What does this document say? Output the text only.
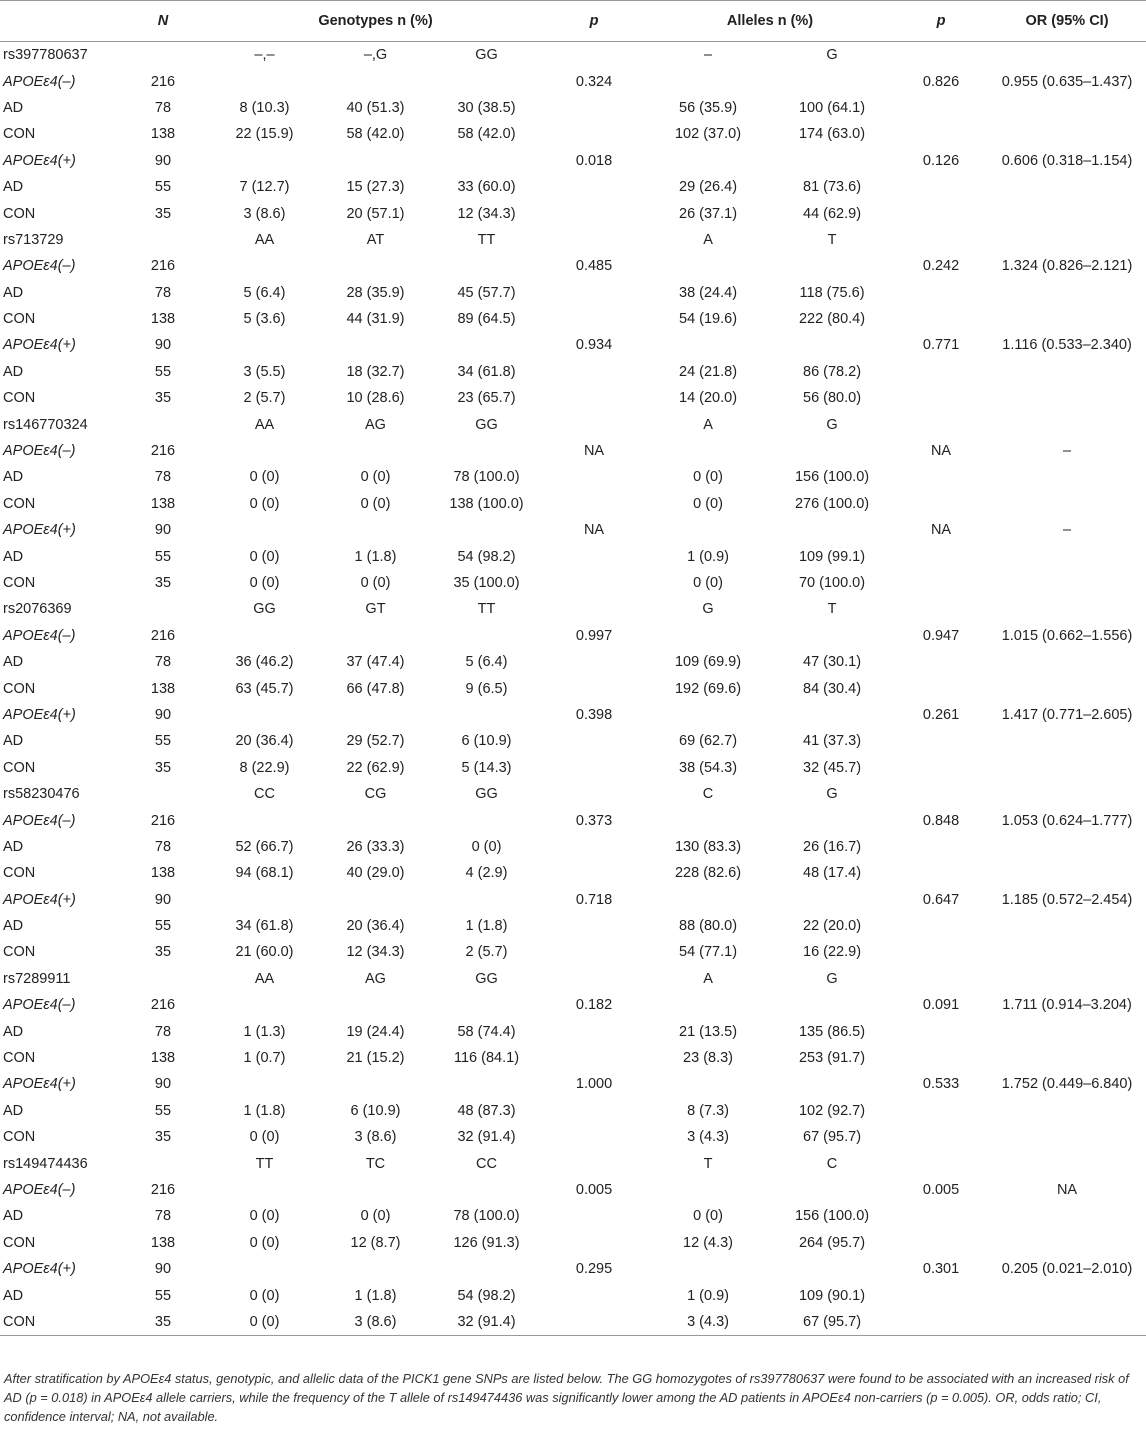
	N	Genotypes n (%)			p	Alleles n (%)		p	OR (95% CI)
rs397780637		–,–	–,G	GG		–	G		
APOEε4(–)	216				0.324			0.826	0.955 (0.635–1.437)
AD	78	8 (10.3)	40 (51.3)	30 (38.5)		56 (35.9)	100 (64.1)		
CON	138	22 (15.9)	58 (42.0)	58 (42.0)		102 (37.0)	174 (63.0)		
APOEε4(+)	90				0.018			0.126	0.606 (0.318–1.154)
AD	55	7 (12.7)	15 (27.3)	33 (60.0)		29 (26.4)	81 (73.6)		
CON	35	3 (8.6)	20 (57.1)	12 (34.3)		26 (37.1)	44 (62.9)		
rs713729		AA	AT	TT		A	T		
APOEε4(–)	216				0.485			0.242	1.324 (0.826–2.121)
AD	78	5 (6.4)	28 (35.9)	45 (57.7)		38 (24.4)	118 (75.6)		
CON	138	5 (3.6)	44 (31.9)	89 (64.5)		54 (19.6)	222 (80.4)		
APOEε4(+)	90				0.934			0.771	1.116 (0.533–2.340)
AD	55	3 (5.5)	18 (32.7)	34 (61.8)		24 (21.8)	86 (78.2)		
CON	35	2 (5.7)	10 (28.6)	23 (65.7)		14 (20.0)	56 (80.0)		
rs146770324		AA	AG	GG		A	G		
APOEε4(–)	216				NA			NA	–
AD	78	0 (0)	0 (0)	78 (100.0)		0 (0)	156 (100.0)		
CON	138	0 (0)	0 (0)	138 (100.0)		0 (0)	276 (100.0)		
APOEε4(+)	90				NA			NA	–
AD	55	0 (0)	1 (1.8)	54 (98.2)		1 (0.9)	109 (99.1)		
CON	35	0 (0)	0 (0)	35 (100.0)		0 (0)	70 (100.0)		
rs2076369		GG	GT	TT		G	T		
APOEε4(–)	216				0.997			0.947	1.015 (0.662–1.556)
AD	78	36 (46.2)	37 (47.4)	5 (6.4)		109 (69.9)	47 (30.1)		
CON	138	63 (45.7)	66 (47.8)	9 (6.5)		192 (69.6)	84 (30.4)		
APOEε4(+)	90				0.398			0.261	1.417 (0.771–2.605)
AD	55	20 (36.4)	29 (52.7)	6 (10.9)		69 (62.7)	41 (37.3)		
CON	35	8 (22.9)	22 (62.9)	5 (14.3)		38 (54.3)	32 (45.7)		
rs58230476		CC	CG	GG		C	G		
APOEε4(–)	216				0.373			0.848	1.053 (0.624–1.777)
AD	78	52 (66.7)	26 (33.3)	0 (0)		130 (83.3)	26 (16.7)		
CON	138	94 (68.1)	40 (29.0)	4 (2.9)		228 (82.6)	48 (17.4)		
APOEε4(+)	90				0.718			0.647	1.185 (0.572–2.454)
AD	55	34 (61.8)	20 (36.4)	1 (1.8)		88 (80.0)	22 (20.0)		
CON	35	21 (60.0)	12 (34.3)	2 (5.7)		54 (77.1)	16 (22.9)		
rs7289911		AA	AG	GG		A	G		
APOEε4(–)	216				0.182			0.091	1.711 (0.914–3.204)
AD	78	1 (1.3)	19 (24.4)	58 (74.4)		21 (13.5)	135 (86.5)		
CON	138	1 (0.7)	21 (15.2)	116 (84.1)		23 (8.3)	253 (91.7)		
APOEε4(+)	90				1.000			0.533	1.752 (0.449–6.840)
AD	55	1 (1.8)	6 (10.9)	48 (87.3)		8 (7.3)	102 (92.7)		
CON	35	0 (0)	3 (8.6)	32 (91.4)		3 (4.3)	67 (95.7)		
rs149474436		TT	TC	CC		T	C		
APOEε4(–)	216				0.005			0.005	NA
AD	78	0 (0)	0 (0)	78 (100.0)		0 (0)	156 (100.0)		
CON	138	0 (0)	12 (8.7)	126 (91.3)		12 (4.3)	264 (95.7)		
APOEε4(+)	90				0.295			0.301	0.205 (0.021–2.010)
AD	55	0 (0)	1 (1.8)	54 (98.2)		1 (0.9)	109 (90.1)		
CON	35	0 (0)	3 (8.6)	32 (91.4)		3 (4.3)	67 (95.7)		
After stratification by APOEε4 status, genotypic, and allelic data of the PICK1 gene SNPs are listed below. The GG homozygotes of rs397780637 were found to be associated with an increased risk of AD (p = 0.018) in APOEε4 allele carriers, while the frequency of the T allele of rs149474436 was significantly lower among the AD patients in APOEε4 non-carriers (p = 0.005). OR, odds ratio; CI, confidence interval; NA, not available.
